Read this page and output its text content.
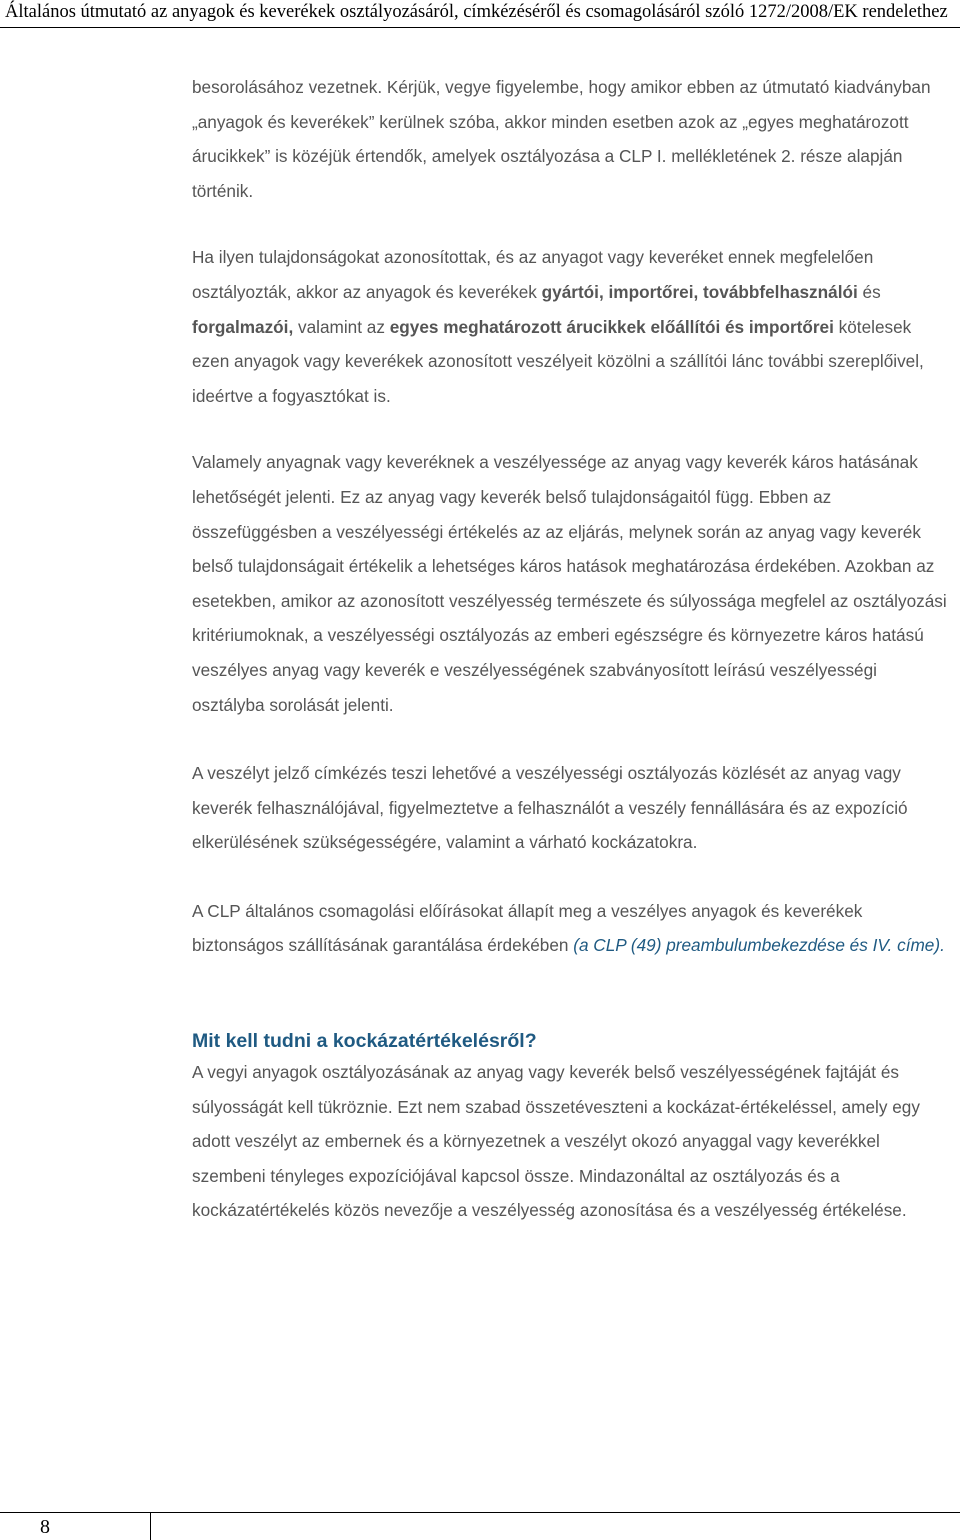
Általános útmutató az anyagok és keverékek osztályozásáról, címkézéséről és csomagolásáról szóló 1272/2008/EK rendelethez

besorolásához vezetnek. Kérjük, vegye figyelembe, hogy amikor ebben az útmutató kiadványban „anyagok és keverékek” kerülnek szóba, akkor minden esetben azok az „egyes meghatározott árucikkek” is közéjük értendők, amelyek osztályozása a CLP I. mellékletének 2. része alapján történik.

Ha ilyen tulajdonságokat azonosítottak, és az anyagot vagy keveréket ennek megfelelően osztályozták, akkor az anyagok és keverékek gyártói, importőrei, továbbfelhasználói és forgalmazói, valamint az egyes meghatározott árucikkek előállítói és importőrei kötelesek ezen anyagok vagy keverékek azonosított veszélyeit közölni a szállítói lánc további szereplőivel, ideértve a fogyasztókat is.

Valamely anyagnak vagy keveréknek a veszélyessége az anyag vagy keverék káros hatásának lehetőségét jelenti. Ez az anyag vagy keverék belső tulajdonságaitól függ. Ebben az összefüggésben a veszélyességi értékelés az az eljárás, melynek során az anyag vagy keverék belső tulajdonságait értékelik a lehetséges káros hatások meghatározása érdekében. Azokban az esetekben, amikor az azonosított veszélyesség természete és súlyossága megfelel az osztályozási kritériumoknak, a veszélyességi osztályozás az emberi egészségre és környezetre káros hatású veszélyes anyag vagy keverék e veszélyességének szabványosított leírású veszélyességi osztályba sorolását jelenti.

A veszélyt jelző címkézés teszi lehetővé a veszélyességi osztályozás közlését az anyag vagy keverék felhasználójával, figyelmeztetve a felhasználót a veszély fennállására és az expozíció elkerülésének szükségességére, valamint a várható kockázatokra.

A CLP általános csomagolási előírásokat állapít meg a veszélyes anyagok és keverékek biztonságos szállításának garantálása érdekében (a CLP (49) preambulumbekezdése és IV. címe).

Mit kell tudni a kockázatértékelésről?

A vegyi anyagok osztályozásának az anyag vagy keverék belső veszélyességének fajtáját és súlyosságát kell tükröznie. Ezt nem szabad összetéveszteni a kockázat-értékeléssel, amely egy adott veszélyt az embernek és a környezetnek a veszélyt okozó anyaggal vagy keverékkel szembeni tényleges expozíciójával kapcsol össze. Mindazonáltal az osztályozás és a kockázatértékelés közös nevezője a veszélyesség azonosítása és a veszélyesség értékelése.

8
